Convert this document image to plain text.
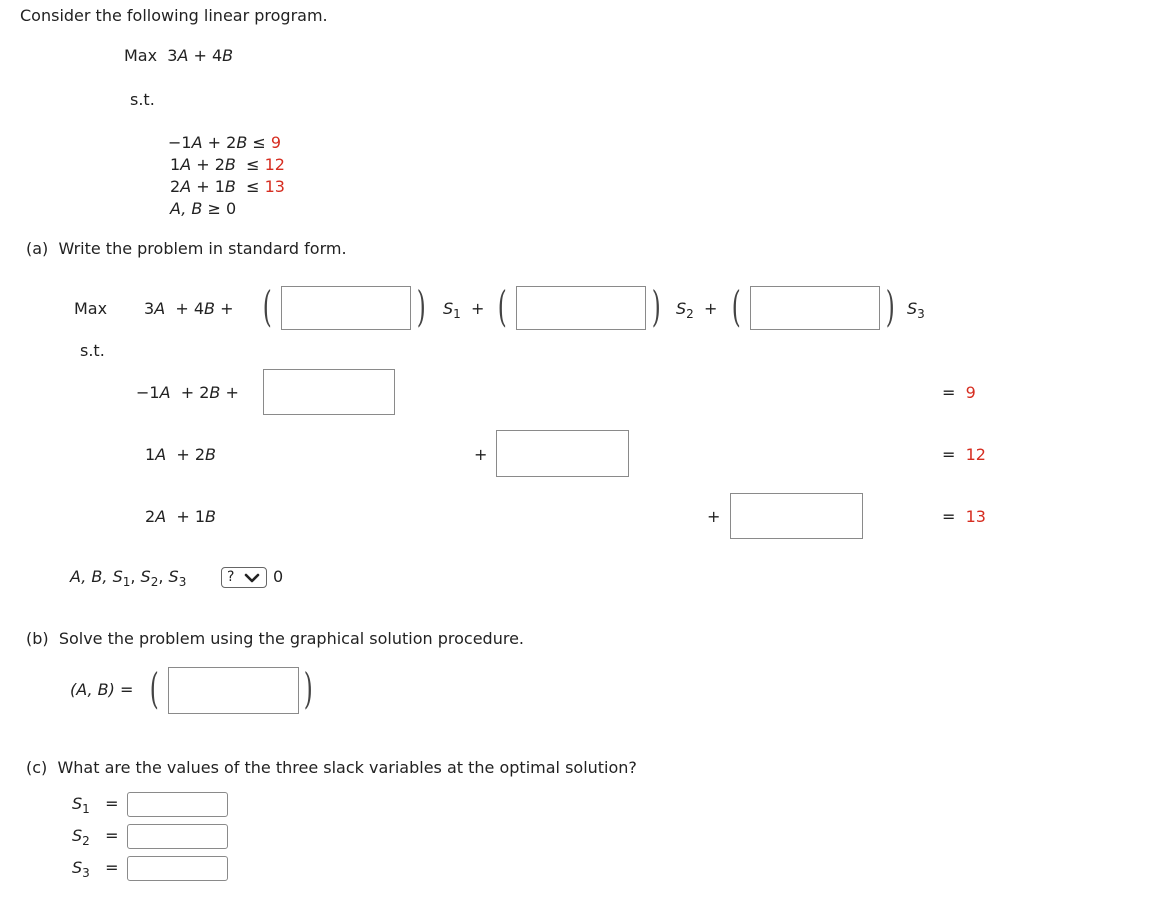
Consider the following linear program.
Max 3A + 4B
s.t.
−1A + 2B ≤ 9
1A + 2B ≤ 12
2A + 1B ≤ 13
A, B ≥ 0
(a) Write the problem in standard form.
Max 3A  + 4B + (	) $S_1$ + (	) $S_2$ + (	) $S_3$
s.t.
−1A  + 2B +	= 9
1A  + 2B	+	= 12
2A  + 1B	+	= 13
A, B, $S_1$, $S_2$, $S_3$	? 0
(b) Solve the problem using the graphical solution procedure.
(A, B) = (	)
(c) What are the values of the three slack variables at the optimal solution?
$S_1$ =
$S_2$ =
$S_3$ =
